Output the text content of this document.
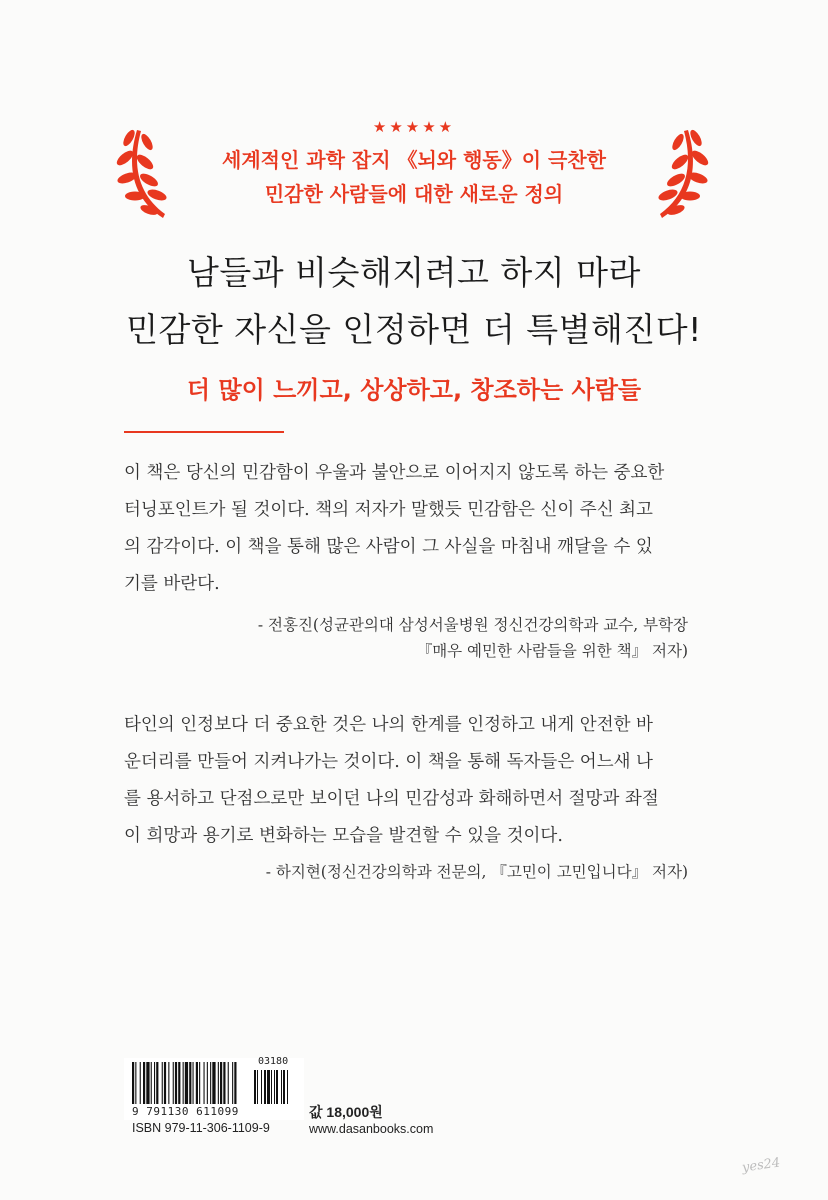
★★★★★
세계적인 과학 잡지 《뇌와 행동》이 극찬한
민감한 사람들에 대한 새로운 정의
남들과 비슷해지려고 하지 마라
민감한 자신을 인정하면 더 특별해진다!
더 많이 느끼고, 상상하고, 창조하는 사람들
이 책은 당신의 민감함이 우울과 불안으로 이어지지 않도록 하는 중요한
터닝포인트가 될 것이다. 책의 저자가 말했듯 민감함은 신이 주신 최고
의 감각이다. 이 책을 통해 많은 사람이 그 사실을 마침내 깨달을 수 있
기를 바란다.
- 전홍진(성균관의대 삼성서울병원 정신건강의학과 교수, 부학장
『매우 예민한 사람들을 위한 책』 저자)
타인의 인정보다 더 중요한 것은 나의 한계를 인정하고 내게 안전한 바
운더리를 만들어 지켜나가는 것이다. 이 책을 통해 독자들은 어느새 나
를 용서하고 단점으로만 보이던 나의 민감성과 화해하면서 절망과 좌절
이 희망과 용기로 변화하는 모습을 발견할 수 있을 것이다.
- 하지현(정신건강의학과 전문의, 『고민이 고민입니다』 저자)
03180
9 791130 611099
ISBN 979-11-306-1109-9
값 18,000원
www.dasanbooks.com
yes24
